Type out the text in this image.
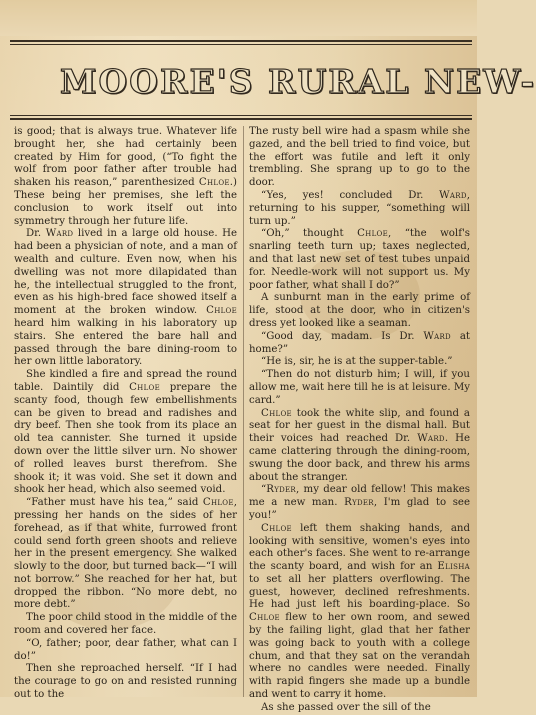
MOORE'S RURAL NEW-

is good; that is always true. Whatever life brought her, she had certainly been created by Him for good, (“To fight the wolf from poor father after trouble had shaken his reason,” parenthesized Chloe.) These being her premises, she left the conclusion to work itself out into symmetry through her future life.

Dr. Ward lived in a large old house. He had been a physician of note, and a man of wealth and culture. Even now, when his dwelling was not more dilapidated than he, the intellectual struggled to the front, even as his high-bred face showed itself a moment at the broken window. Chloe heard him walking in his laboratory up stairs. She entered the bare hall and passed through the bare dining-room to her own little laboratory.

She kindled a fire and spread the round table. Daintily did Chloe prepare the scanty food, though few embellishments can be given to bread and radishes and dry beef. Then she took from its place an old tea cannister. She turned it upside down over the little silver urn. No shower of rolled leaves burst therefrom. She shook it; it was void. She set it down and shook her head, which also seemed void.

“Father must have his tea,” said Chloe, pressing her hands on the sides of her forehead, as if that white, furrowed front could send forth green shoots and relieve her in the present emergency. She walked slowly to the door, but turned back—“I will not borrow.” She reached for her hat, but dropped the ribbon. “No more debt, no more debt.”

The poor child stood in the middle of the room and covered her face.

“O, father; poor, dear father, what can I do!”

Then she reproached herself. “If I had the courage to go on and resisted running out to the

The rusty bell wire had a spasm while she gazed, and the bell tried to find voice, but the effort was futile and left it only trembling. She sprang up to go to the door.

“Yes, yes! concluded Dr. Ward, returning to his supper, “something will turn up.”

“Oh,” thought Chloe, “the wolf's snarling teeth turn up; taxes neglected, and that last new set of test tubes unpaid for. Needle-work will not support us. My poor father, what shall I do?”

A sunburnt man in the early prime of life, stood at the door, who in citizen's dress yet looked like a seaman.

“Good day, madam. Is Dr. Ward at home?”

“He is, sir, he is at the supper-table.”

“Then do not disturb him; I will, if you allow me, wait here till he is at leisure. My card.”

Chloe took the white slip, and found a seat for her guest in the dismal hall. But their voices had reached Dr. Ward. He came clattering through the dining-room, swung the door back, and threw his arms about the stranger.

“Ryder, my dear old fellow! This makes me a new man. Ryder, I'm glad to see you!”

Chloe left them shaking hands, and looking with sensitive, women's eyes into each other's faces. She went to re-arrange the scanty board, and wish for an Elisha to set all her platters overflowing. The guest, however, declined refreshments. He had just left his boarding-place. So Chloe flew to her own room, and sewed by the failing light, glad that her father was going back to youth with a college chum, and that they sat on the verandah where no candles were needed. Finally with rapid fingers she made up a bundle and went to carry it home.

As she passed over the sill of the
